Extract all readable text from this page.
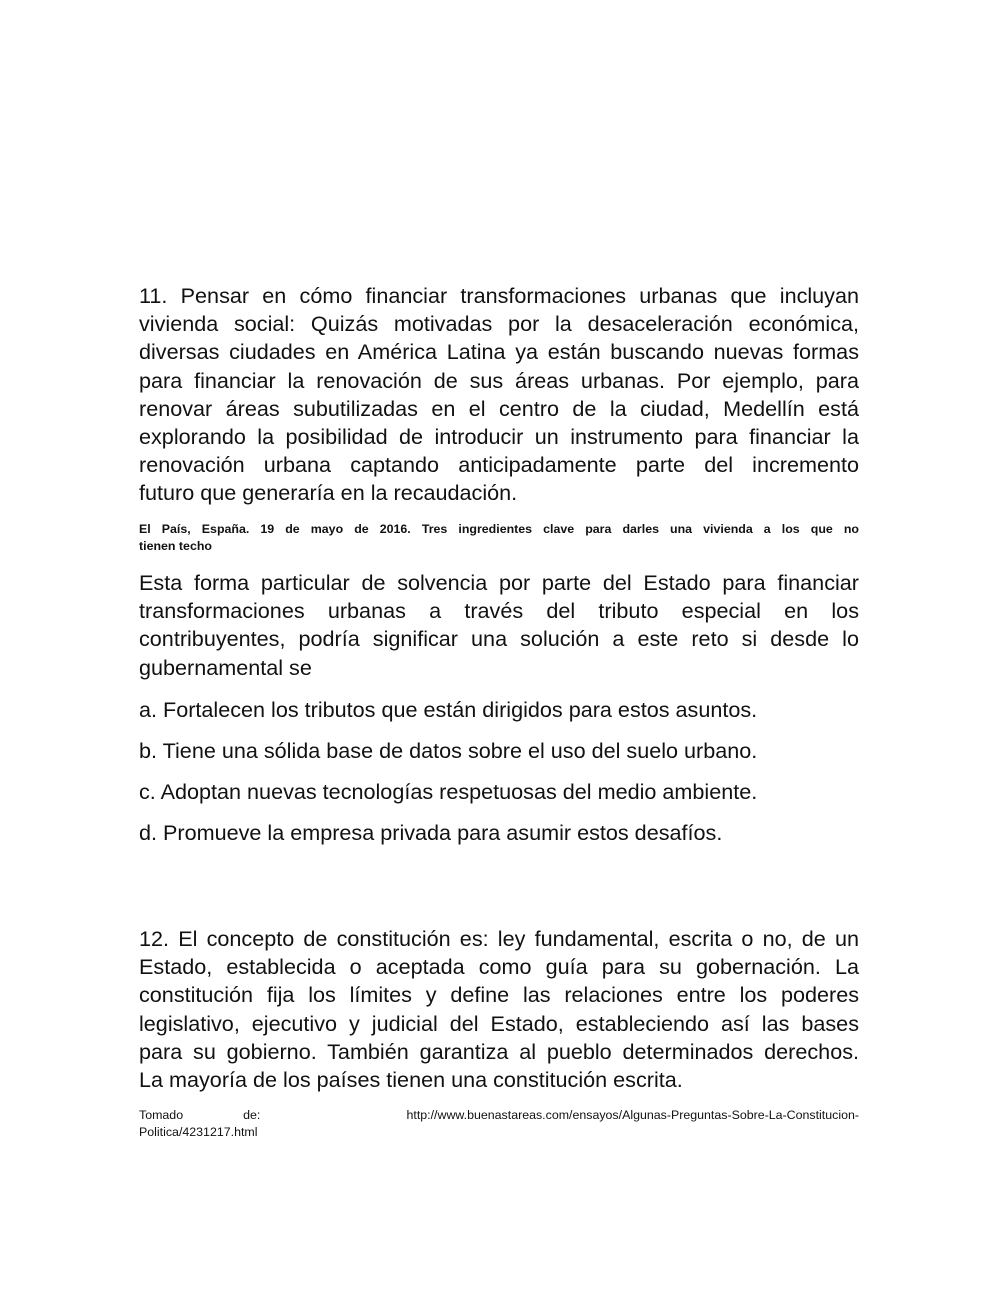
11. Pensar en cómo financiar transformaciones urbanas que incluyan

vivienda social: Quizás motivadas por la desaceleración económica,

diversas ciudades en América Latina ya están buscando nuevas formas

para financiar la renovación de sus áreas urbanas. Por ejemplo, para

renovar áreas subutilizadas en el centro de la ciudad, Medellín está

explorando la posibilidad de introducir un instrumento para financiar la

renovación urbana captando anticipadamente parte del incremento

futuro que generaría en la recaudación.

El País, España. 19 de mayo de 2016. Tres ingredientes clave para darles una vivienda a los que no

tienen techo

Esta forma particular de solvencia por parte del Estado para financiar

transformaciones urbanas a través del tributo especial en los

contribuyentes, podría significar una solución a este reto si desde lo

gubernamental se

a. Fortalecen los tributos que están dirigidos para estos asuntos.

b. Tiene una sólida base de datos sobre el uso del suelo urbano.

c. Adoptan nuevas tecnologías respetuosas del medio ambiente.

d. Promueve la empresa privada para asumir estos desafíos.

12. El concepto de constitución es: ley fundamental, escrita o no, de un

Estado, establecida o aceptada como guía para su gobernación. La

constitución fija los límites y define las relaciones entre los poderes

legislativo, ejecutivo y judicial del Estado, estableciendo así las bases

para su gobierno. También garantiza al pueblo determinados derechos.

La mayoría de los países tienen una constitución escrita.

Tomado	de:	http://www.buenastareas.com/ensayos/Algunas-Preguntas-Sobre-La-Constitucion-

Politica/4231217.html
